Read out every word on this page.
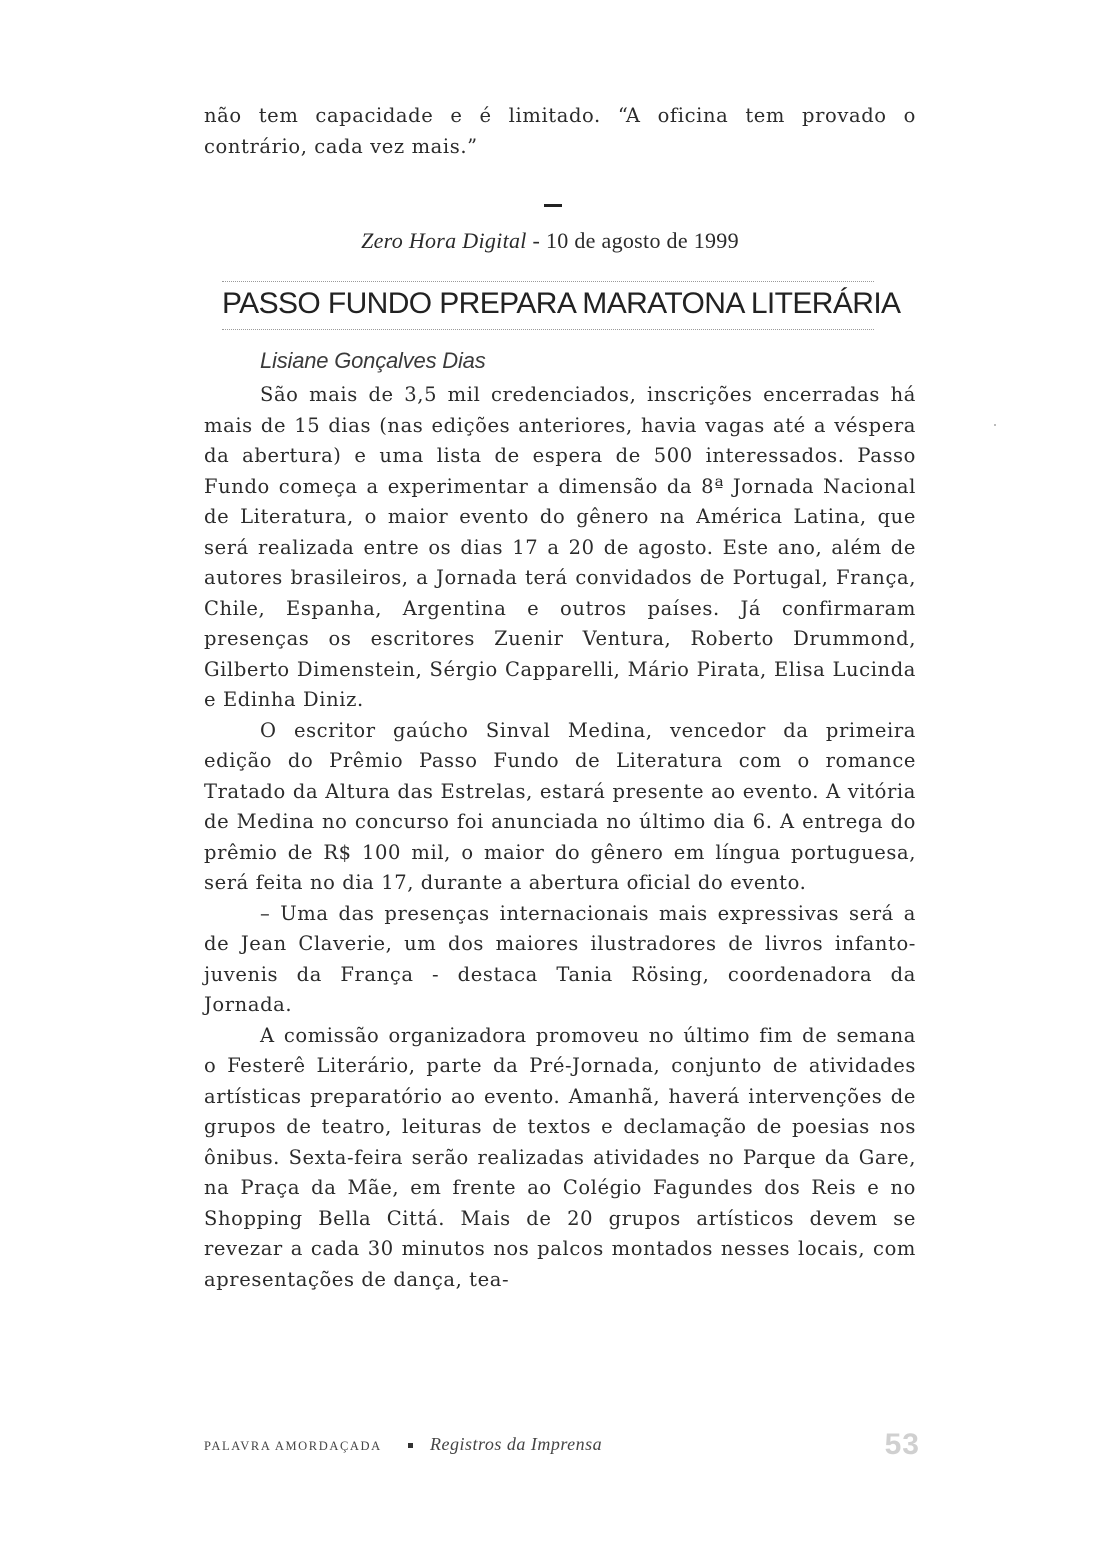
não tem capacidade e é limitado. “A oficina tem provado o contrário, cada vez mais.”

Zero Hora Digital - 10 de agosto de 1999
PASSO FUNDO PREPARA MARATONA LITERÁRIA
Lisiane Gonçalves Dias

São mais de 3,5 mil credenciados, inscrições encerradas há mais de 15 dias (nas edições anteriores, havia vagas até a véspera da abertura) e uma lista de espera de 500 interessados. Passo Fundo começa a experimentar a dimensão da 8ª Jornada Nacional de Literatura, o maior evento do gênero na América Latina, que será realizada entre os dias 17 a 20 de agosto. Este ano, além de autores brasileiros, a Jornada terá convidados de Portugal, França, Chile, Espanha, Argentina e outros países. Já confirmaram presenças os escritores Zuenir Ventura, Roberto Drummond, Gilberto Dimenstein, Sérgio Capparelli, Mário Pirata, Elisa Lucinda e Edinha Diniz.

O escritor gaúcho Sinval Medina, vencedor da primeira edição do Prêmio Passo Fundo de Literatura com o romance Tratado da Altura das Estrelas, estará presente ao evento. A vitória de Medina no concurso foi anunciada no último dia 6. A entrega do prêmio de R$ 100 mil, o maior do gênero em língua portuguesa, será feita no dia 17, durante a abertura oficial do evento.

– Uma das presenças internacionais mais expressivas será a de Jean Claverie, um dos maiores ilustradores de livros infanto-juvenis da França - destaca Tania Rösing, coordenadora da Jornada.

A comissão organizadora promoveu no último fim de semana o Festerê Literário, parte da Pré-Jornada, conjunto de atividades artísticas preparatório ao evento. Amanhã, haverá intervenções de grupos de teatro, leituras de textos e declamação de poesias nos ônibus. Sexta-feira serão realizadas atividades no Parque da Gare, na Praça da Mãe, em frente ao Colégio Fagundes dos Reis e no Shopping Bella Cittá. Mais de 20 grupos artísticos devem se revezar a cada 30 minutos nos palcos montados nesses locais, com apresentações de dança, tea-

PALAVRA AMORDAÇADA	Registros da Imprensa	53
